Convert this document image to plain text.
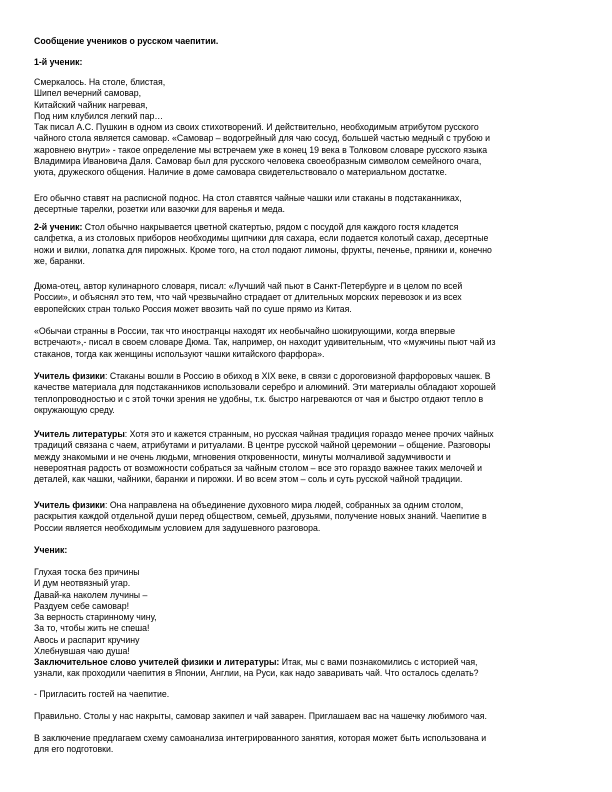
Сообщение учеников о русском чаепитии.

1-й ученик:

Смеркалось. На столе, блистая,
Шипел вечерний самовар,
Китайский чайник нагревая,
Под ним клубился легкий пар…
Так писал А.С. Пушкин в одном из своих стихотворений. И действительно, необходимым атрибутом русского
чайного стола является самовар. «Самовар – водогрейный для чаю сосуд, большей частью медный с трубою и
жаровнею внутри» - такое определение мы встречаем уже в конец 19 века в Толковом словаре русского языка
Владимира Ивановича Даля. Самовар был для русского человека своеобразным символом семейного очага,
уюта, дружеского общения. Наличие в доме самовара свидетельствовало о материальном достатке.
Его обычно ставят на расписной поднос. На стол ставятся чайные чашки или стаканы в подстаканниках,
десертные тарелки, розетки или вазочки для варенья и меда.
2-й ученик: Стол обычно накрывается цветной скатертью, рядом с посудой для каждого гостя кладется
салфетка, а из столовых приборов необходимы щипчики для сахара, если подается колотый сахар, десертные
ножи и вилки, лопатка для пирожных. Кроме того, на стол подают лимоны, фрукты, печенье, пряники и, конечно
же, баранки.
Дюма-отец, автор кулинарного словаря, писал: «Лучший чай пьют в Санкт-Петербурге и в целом по всей
России», и объяснял это тем, что чай чрезвычайно страдает от длительных морских перевозок и из всех
европейских стран только Россия может ввозить чай по суше прямо из Китая.
«Обычаи странны в России, так что иностранцы находят их необычайно шокирующими, когда впервые
встречают»,- писал в своем словаре Дюма. Так, например, он находит удивительным, что «мужчины пьют чай из
стаканов, тогда как женщины используют чашки китайского фарфора».
Учитель физики: Стаканы вошли в Россию в обиход в XIX веке, в связи с дороговизной фарфоровых чашек. В
качестве материала для подстаканников использовали серебро и алюминий. Эти материалы обладают хорошей
теплопроводностью и с этой точки зрения не удобны, т.к. быстро нагреваются от чая и быстро отдают тепло в
окружающую среду.
Учитель литературы: Хотя это и кажется странным, но русская чайная традиция гораздо менее прочих чайных
традиций связана с чаем, атрибутами и ритуалами. В центре русской чайной церемонии – общение. Разговоры
между знакомыми и не очень людьми, мгновения откровенности, минуты молчаливой задумчивости и
невероятная радость от возможности собраться за чайным столом – все это гораздо важнее таких мелочей и
деталей, как чашки, чайники, баранки и пирожки. И во всем этом – соль и суть русской чайной традиции.
Учитель физики: Она направлена на объединение духовного мира людей, собранных за одним столом,
раскрытия каждой отдельной души перед обществом, семьей, друзьями, получение новых знаний. Чаепитие в
России является необходимым условием для задушевного разговора.

Ученик:

Глухая тоска без причины
И дум неотвязный угар.
Давай-ка наколем лучины –
Раздуем себе самовар!
За верность старинному чину,
За то, чтобы жить не спеша!
Авось и распарит кручину
Хлебнувшая чаю душа!
Заключительное слово учителей физики и литературы: Итак, мы с вами познакомились с историей чая,
узнали, как проходили чаепития в Японии, Англии, на Руси, как надо заваривать чай. Что осталось сделать?

- Пригласить гостей на чаепитие.

Правильно. Столы у нас накрыты, самовар закипел и чай заварен. Приглашаем вас на чашечку любимого чая.

В заключение предлагаем схему самоанализа интегрированного занятия, которая может быть использована и
для его подготовки.
